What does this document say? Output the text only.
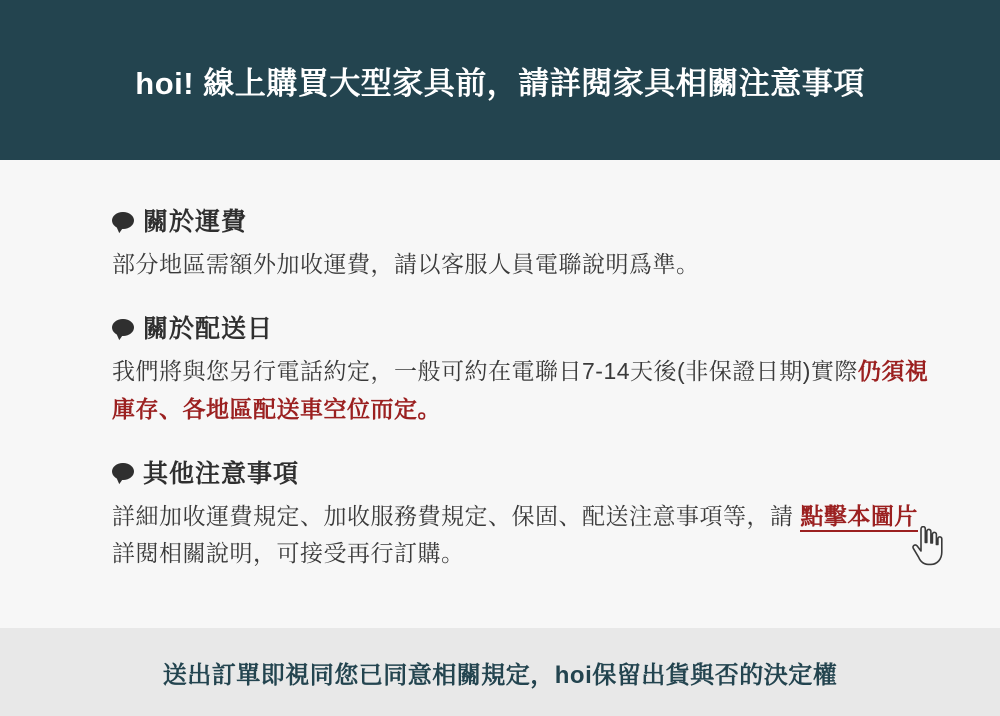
hoi! 線上購買大型家具前，請詳閱家具相關注意事項
關於運費
部分地區需額外加收運費，請以客服人員電聯說明爲準。
關於配送日
我們將與您另行電話約定，一般可約在電聯日7-14天後(非保證日期)實際仍須視庫存、各地區配送車空位而定。
其他注意事項
詳細加收運費規定、加收服務費規定、保固、配送注意事項等，請 點擊本圖片
詳閱相關說明，可接受再行訂購。
送出訂單即視同您已同意相關規定，hoi保留出貨與否的決定權
